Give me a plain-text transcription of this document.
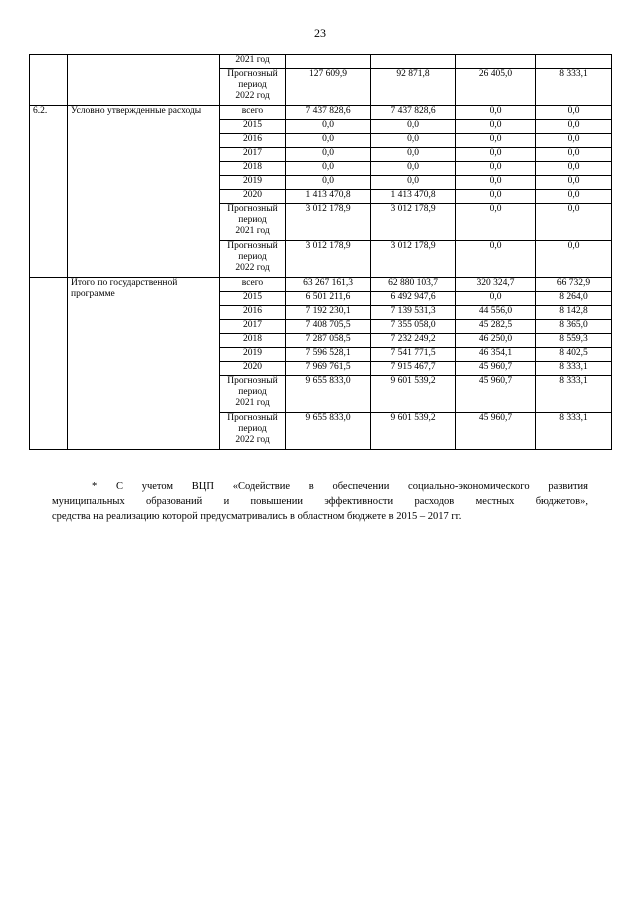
23
		2021 год				
		Прогнозный
период
2022 год	127 609,9	92 871,8	26 405,0	8 333,1
6.2.	Условно утвержденные расходы	всего	7 437 828,6	7 437 828,6	0,0	0,0
		2015	0,0	0,0	0,0	0,0
		2016	0,0	0,0	0,0	0,0
		2017	0,0	0,0	0,0	0,0
		2018	0,0	0,0	0,0	0,0
		2019	0,0	0,0	0,0	0,0
		2020	1 413 470,8	1 413 470,8	0,0	0,0
		Прогнозный
период
2021 год	3 012 178,9	3 012 178,9	0,0	0,0
		Прогнозный
период
2022 год	3 012 178,9	3 012 178,9	0,0	0,0
	Итого по государственной программе	всего	63 267 161,3	62 880 103,7	320 324,7	66 732,9
		2015	6 501 211,6	6 492 947,6	0,0	8 264,0
		2016	7 192 230,1	7 139 531,3	44 556,0	8 142,8
		2017	7 408 705,5	7 355 058,0	45 282,5	8 365,0
		2018	7 287 058,5	7 232 249,2	46 250,0	8 559,3
		2019	7 596 528,1	7 541 771,5	46 354,1	8 402,5
		2020	7 969 761,5	7 915 467,7	45 960,7	8 333,1
		Прогнозный
период
2021 год	9 655 833,0	9 601 539,2	45 960,7	8 333,1
		Прогнозный
период
2022 год	9 655 833,0	9 601 539,2	45 960,7	8 333,1

* С учетом ВЦП «Содействие в обеспечении социально-экономического развития

муниципальных образований и повышении эффективности расходов местных бюджетов»,

средства на реализацию которой предусматривались в областном бюджете в 2015 – 2017 гг.
